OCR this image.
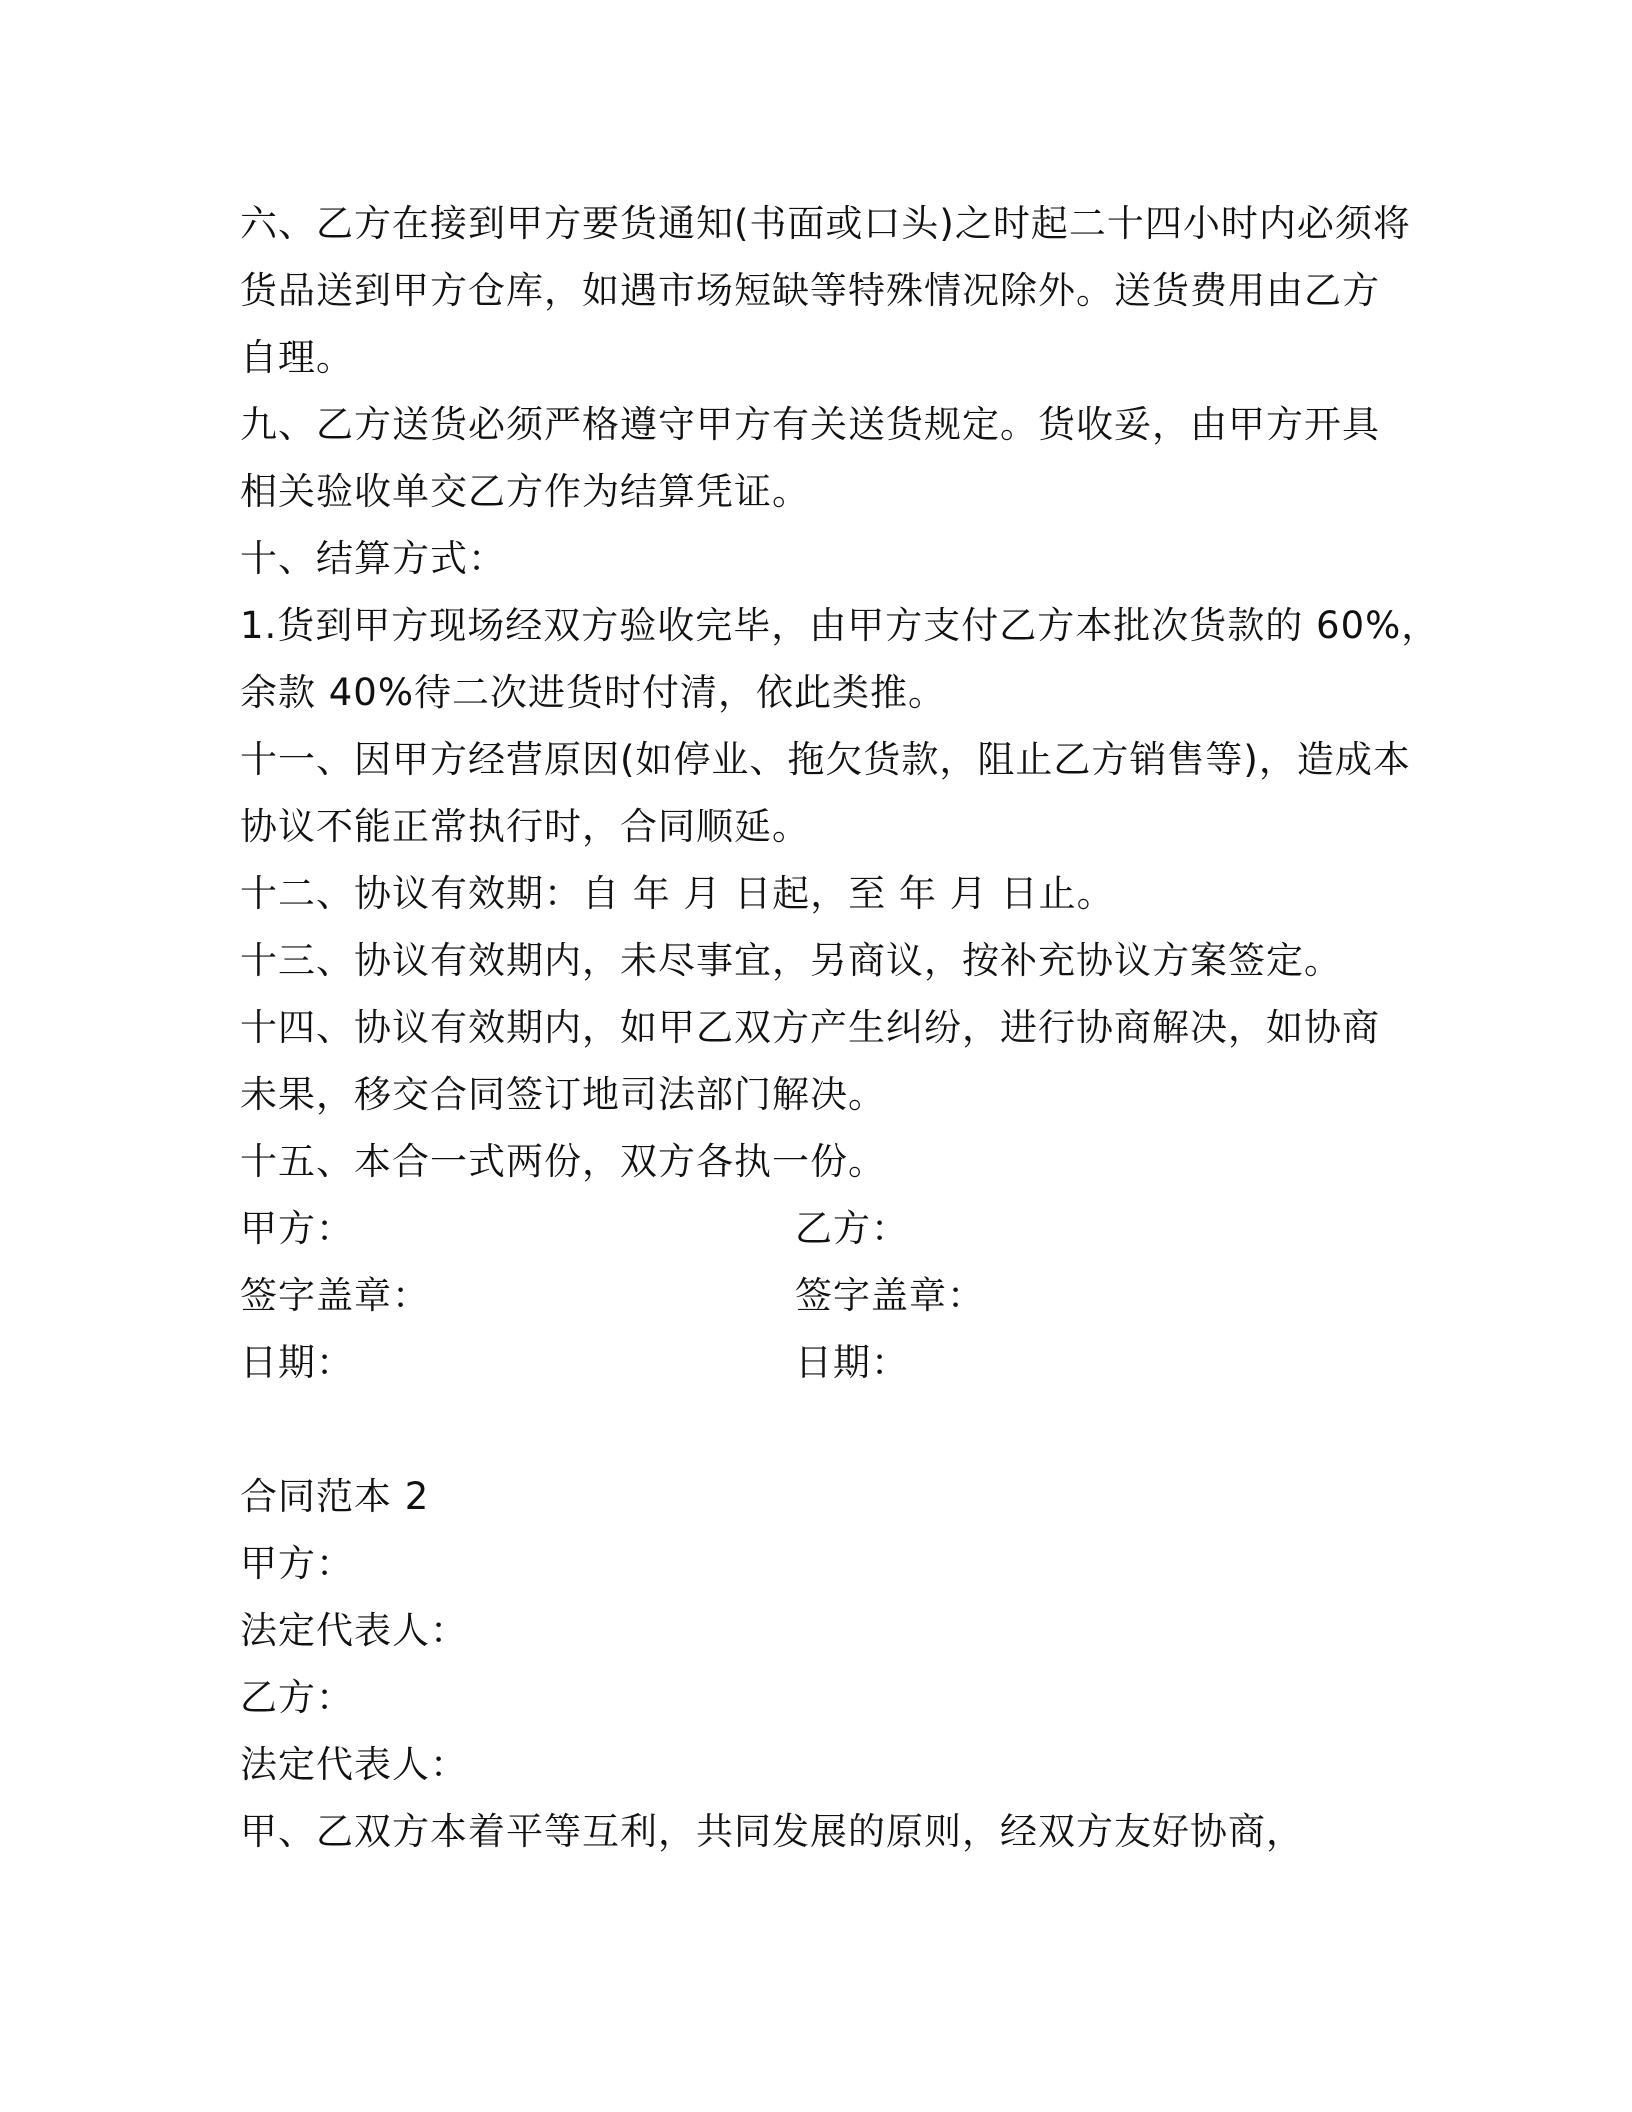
六、乙方在接到甲方要货通知(书面或口头)之时起二十四小时内必须将
货品送到甲方仓库，如遇市场短缺等特殊情况除外。送货费用由乙方
自理。
九、乙方送货必须严格遵守甲方有关送货规定。货收妥，由甲方开具
相关验收单交乙方作为结算凭证。
十、结算方式：
1.货到甲方现场经双方验收完毕，由甲方支付乙方本批次货款的 60%，
余款 40%待二次进货时付清，依此类推。
十一、因甲方经营原因(如停业、拖欠货款，阻止乙方销售等)，造成本
协议不能正常执行时，合同顺延。
十二、协议有效期：自 年 月 日起，至 年 月 日止。
十三、协议有效期内，未尽事宜，另商议，按补充协议方案签定。
十四、协议有效期内，如甲乙双方产生纠纷，进行协商解决，如协商
未果，移交合同签订地司法部门解决。
十五、本合一式两份，双方各执一份。
甲方：	乙方：
签字盖章：	签字盖章：
日期：	日期：
合同范本 2
甲方：
法定代表人：
乙方：
法定代表人：
甲、乙双方本着平等互利，共同发展的原则，经双方友好协商，
